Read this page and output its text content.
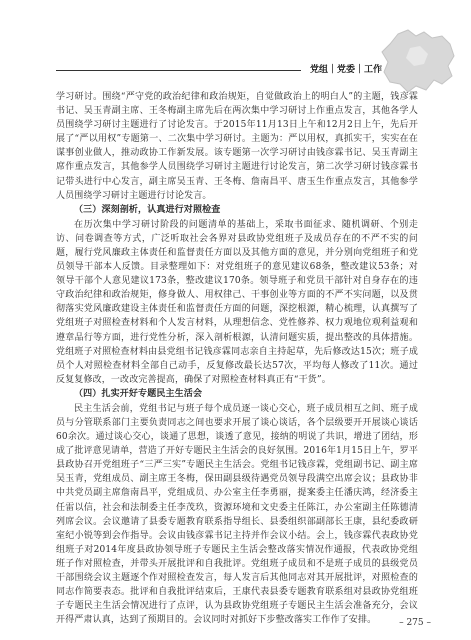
党组｜党委｜工作

学习研讨。围绕“严守党的政治纪律和政治规矩，自觉做政治上的明白人”的主题，钱彦霖书记、吴玉青副主席、王冬梅副主席先后在两次集中学习研讨上作重点发言，其他各学人员围绕学习研讨主题进行了讨论发言。于2015年11月13日上午和12月2日上午，先后开展了“严以用权”专题第一、二次集中学习研讨。主题为：严以用权，真抓实干，实实在在谋事创业做人，推动政协工作新发展。该专题第一次学习研讨由钱彦霖书记、吴玉青副主席作重点发言，其他参学人员围绕学习研讨主题进行讨论发言，第二次学习研讨钱彦霖书记带头进行中心发言，副主席吴玉青、王冬梅、詹南昌平、唐玉生作重点发言，其他参学人员围绕学习研讨主题进行讨论发言。

（三）深刻剖析，认真进行对照检查

在历次集中学习研讨阶段的问题清单的基础上，采取书面征求、随机调研、个别走访、问卷调查等方式，广泛听取社会各界对县政协党组班子及成员存在的不严不实的问题，履行党风廉政主体责任和监督责任方面以及其他方面的意见，并分别向党组班子和党员领导干部本人反馈。目录整理如下：对党组班子的意见建议68条，整改建议53条；对领导干部个人意见建议173条，整改建议170条。领导班子和党员干部针对自身存在的违守政治纪律和政治规矩，修身做人、用权律己、干事创业等方面的不严不实问题，以及贯彻落实党风廉政建设主体责任和监督责任方面的问题，深挖根源，精心梳理，认真撰写了党组班子对照检查材料和个人发言材料，从理想信念、党性修养、权力观地位观利益观和遵章品行等方面，进行党性分析，深入剖析根源，认清问题实质，提出整改的具体措施。党组班子对照检查材料由县党组书记钱彦霖同志亲自主持起草，先后修改达15次；班子成员个人对照检查材料全部自己动手，反复修改最长达57次，平均每人修改了11次。通过反复复修改，一改改完善提高，确保了对照检查材料真正有“干货”。

（四）扎实开好专题民主生活会

民主生活会前，党组书记与班子每个成员逐一谈心交心，班子成员相互之间、班子成员与分管联系部门主要负责同志之间也要求开展了谈心谈话，各个层级要开开展谈心谈话60余次。通过谈心交心，谈通了思想，谈透了意见，接纳的明说了共识，增进了团结，形成了批评意见请单，营造了开好专题民主生活会的良好氛围。2016年1月15日上午，罗平县政协召开党组班子“三严三实”专题民主生活会。党组书记钱彦霖，党组副书记、副主席吴玉青，党组成员、副主席王冬梅，保田副县级待遇党员领导段满空出席会议；县政协非中共党员副主席詹南昌平，党组成员、办公室主任李勇丽，提案委主任潘庆鸿，经济委主任雷以信，社会和法制委主任李茂玖，资源环境和文史委主任陈江，办公室副主任陈德清列席会议。会议邀请了县委专题教育联系指导组长、县委组织部副部长王康，县纪委政研室纪小锐等到会作指导。会议由钱彦霖书记主持并作会议小结。会上，钱彦霖代表政协党组班子对2014年度县政协领导班子专题民主生活会整改落实情况作通报，代表政协党组班子作对照检查，并带头开展批评和自我批评。党组班子成员和不是班子成员的县级党员干部围绕会议主题逐个作对照检查发言，每人发言后其他同志对其开展批评，对照检查的同志作简要表态。批评和自我批评结束后，王康代表县委专题教育联系组对县政协党组班子专题民主生活会情况进行了点评，认为县政协党组班子专题民主生活会准备充分，会议开得严肃认真，达到了预期目的。会议同时对抓好下步整改落实工作作了安排。	– 275 –
